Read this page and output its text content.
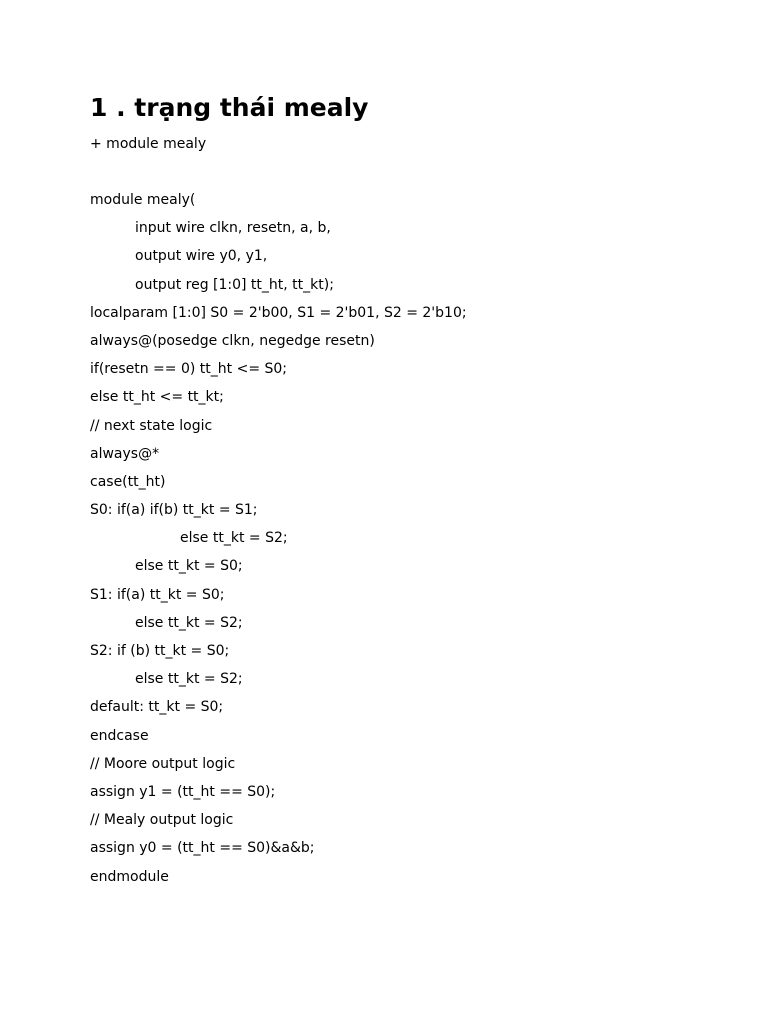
1 . trạng thái mealy
+ module mealy
module mealy(
input wire clkn, resetn, a, b,
output wire y0, y1,
output reg [1:0] tt_ht, tt_kt);
localparam [1:0] S0 = 2'b00, S1 = 2'b01, S2 = 2'b10;
always@(posedge clkn, negedge resetn)
if(resetn == 0) tt_ht <= S0;
else tt_ht <= tt_kt;
// next state logic
always@*
case(tt_ht)
S0: if(a) if(b) tt_kt = S1;
else tt_kt = S2;
else tt_kt = S0;
S1: if(a) tt_kt = S0;
else tt_kt = S2;
S2: if (b) tt_kt = S0;
else tt_kt = S2;
default: tt_kt = S0;
endcase
// Moore output logic
assign y1 = (tt_ht == S0);
// Mealy output logic
assign y0 = (tt_ht == S0)&a&b;
endmodule
